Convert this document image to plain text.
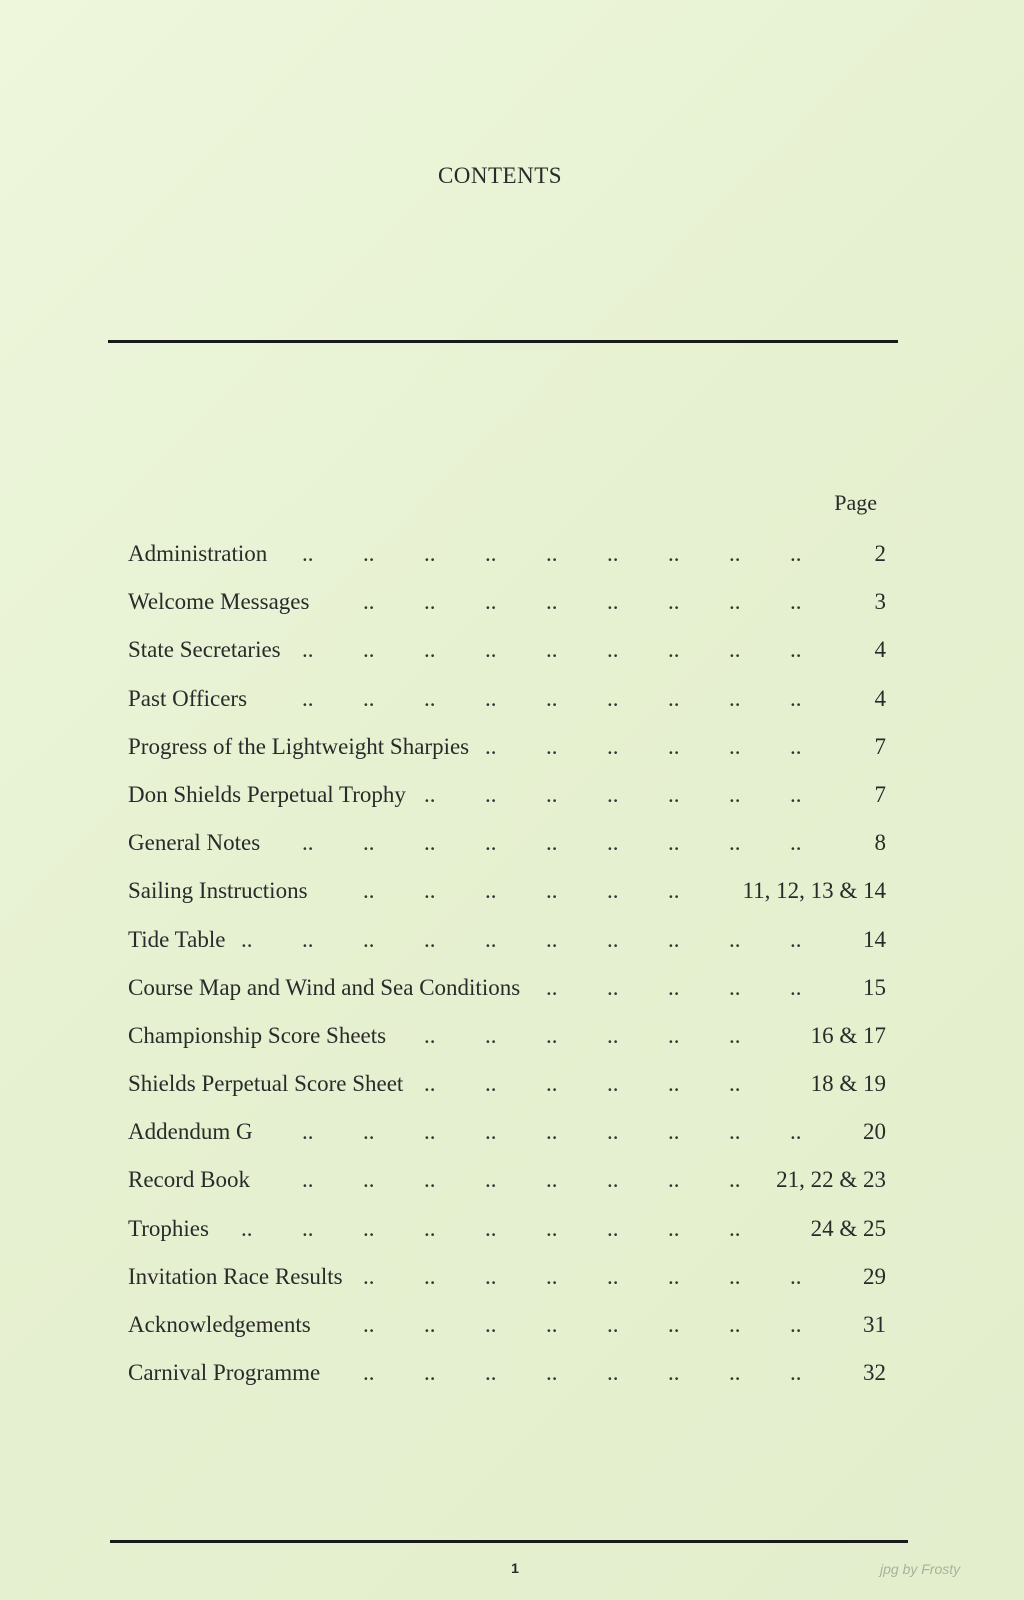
CONTENTS
Page
Administration	2
.. .. .. .. .. .. .. .. ..
Welcome Messages	3
.. .. .. .. .. .. .. ..
State Secretaries	4
.. .. .. .. .. .. .. .. ..
Past Officers	4
.. .. .. .. .. .. .. .. ..
Progress of the Lightweight Sharpies	7
.. .. .. .. .. ..
Don Shields Perpetual Trophy	7
.. .. .. .. .. .. ..
General Notes	8
.. .. .. .. .. .. .. .. ..
Sailing Instructions	11, 12, 13 & 14
.. .. .. .. .. ..
Tide Table	14
.. .. .. .. .. .. .. .. .. ..
Course Map and Wind and Sea Conditions	15
.. .. .. .. ..
Championship Score Sheets	16 & 17
.. .. .. .. .. ..
Shields Perpetual Score Sheet	18 & 19
.. .. .. .. .. ..
Addendum G	20
.. .. .. .. .. .. .. .. ..
Record Book	21, 22 & 23
.. .. .. .. .. .. .. ..
Trophies	24 & 25
.. .. .. .. .. .. .. .. ..
Invitation Race Results	29
.. .. .. .. .. .. .. ..
Acknowledgements	31
.. .. .. .. .. .. .. ..
Carnival Programme	32
.. .. .. .. .. .. .. ..
1	jpg by Frosty
